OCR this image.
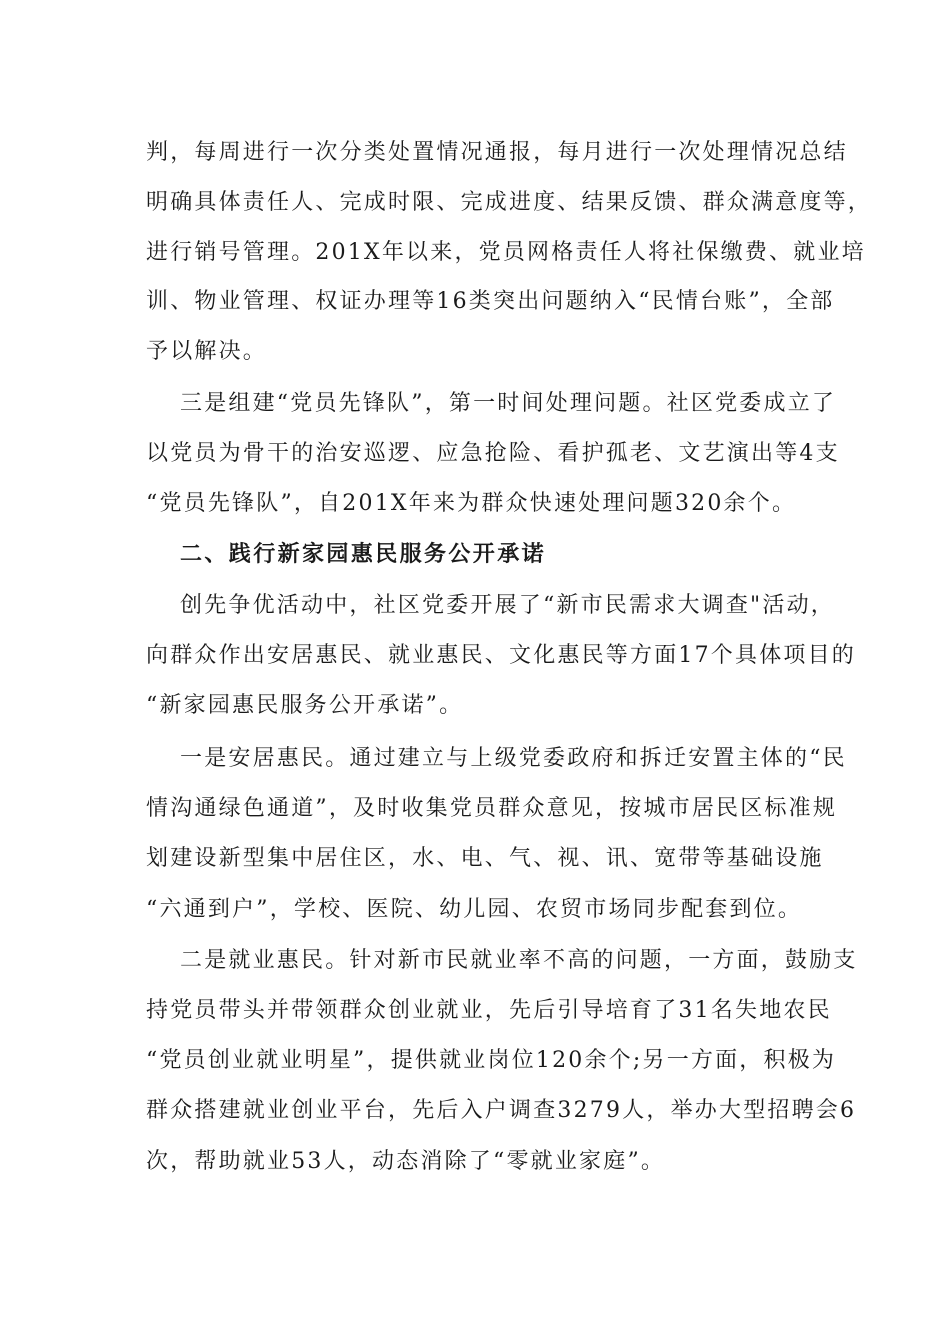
判，每周进行一次分类处置情况通报，每月进行一次处理情况总结
明确具体责任人、完成时限、完成进度、结果反馈、群众满意度等，
进行销号管理。201X年以来，党员网格责任人将社保缴费、就业培
训、物业管理、权证办理等16类突出问题纳入“民情台账”，全部
予以解决。
三是组建“党员先锋队”，第一时间处理问题。社区党委成立了
以党员为骨干的治安巡逻、应急抢险、看护孤老、文艺演出等4支
“党员先锋队”，自201X年来为群众快速处理问题320余个。
二、践行新家园惠民服务公开承诺
创先争优活动中，社区党委开展了“新市民需求大调查"活动，
向群众作出安居惠民、就业惠民、文化惠民等方面17个具体项目的
“新家园惠民服务公开承诺”。
一是安居惠民。通过建立与上级党委政府和拆迁安置主体的“民
情沟通绿色通道”，及时收集党员群众意见，按城市居民区标准规
划建设新型集中居住区，水、电、气、视、讯、宽带等基础设施
“六通到户”，学校、医院、幼儿园、农贸市场同步配套到位。
二是就业惠民。针对新市民就业率不高的问题，一方面，鼓励支
持党员带头并带领群众创业就业，先后引导培育了31名失地农民
“党员创业就业明星”，提供就业岗位120余个;另一方面，积极为
群众搭建就业创业平台，先后入户调查3279人，举办大型招聘会6
次，帮助就业53人，动态消除了“零就业家庭”。
